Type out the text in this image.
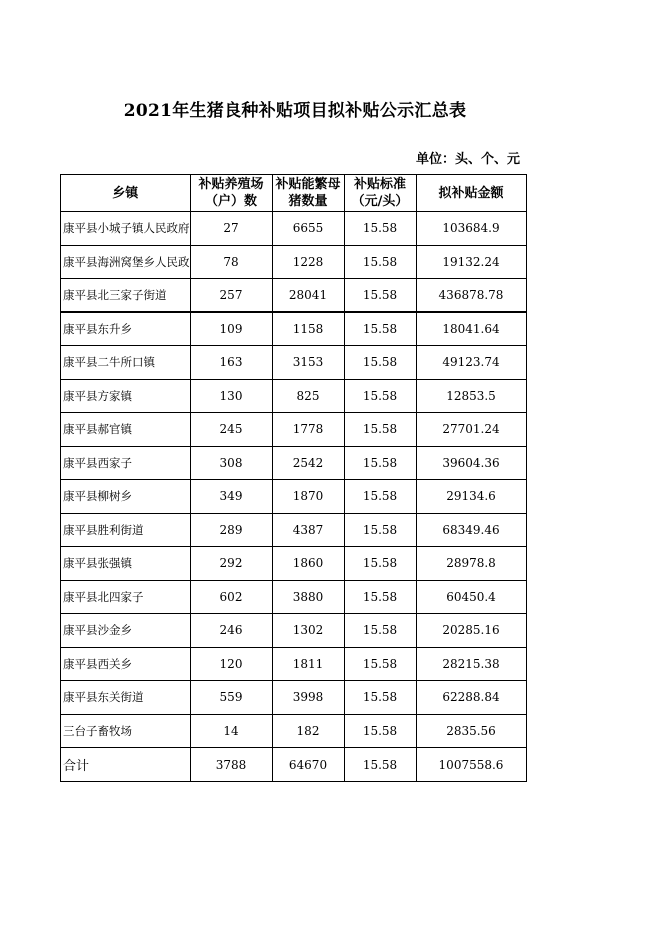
2021年生猪良种补贴项目拟补贴公示汇总表
单位：头、个、元
乡镇	补贴养殖场（户）数	补贴能繁母猪数量	补贴标准（元/头）	拟补贴金额
康平县小城子镇人民政府	27	6655	15.58	103684.9
康平县海洲窝堡乡人民政	78	1228	15.58	19132.24
康平县北三家子街道	257	28041	15.58	436878.78
康平县东升乡	109	1158	15.58	18041.64
康平县二牛所口镇	163	3153	15.58	49123.74
康平县方家镇	130	825	15.58	12853.5
康平县郝官镇	245	1778	15.58	27701.24
康平县西家子	308	2542	15.58	39604.36
康平县柳树乡	349	1870	15.58	29134.6
康平县胜利街道	289	4387	15.58	68349.46
康平县张强镇	292	1860	15.58	28978.8
康平县北四家子	602	3880	15.58	60450.4
康平县沙金乡	246	1302	15.58	20285.16
康平县西关乡	120	1811	15.58	28215.38
康平县东关街道	559	3998	15.58	62288.84
三台子畜牧场	14	182	15.58	2835.56
合计	3788	64670	15.58	1007558.6
